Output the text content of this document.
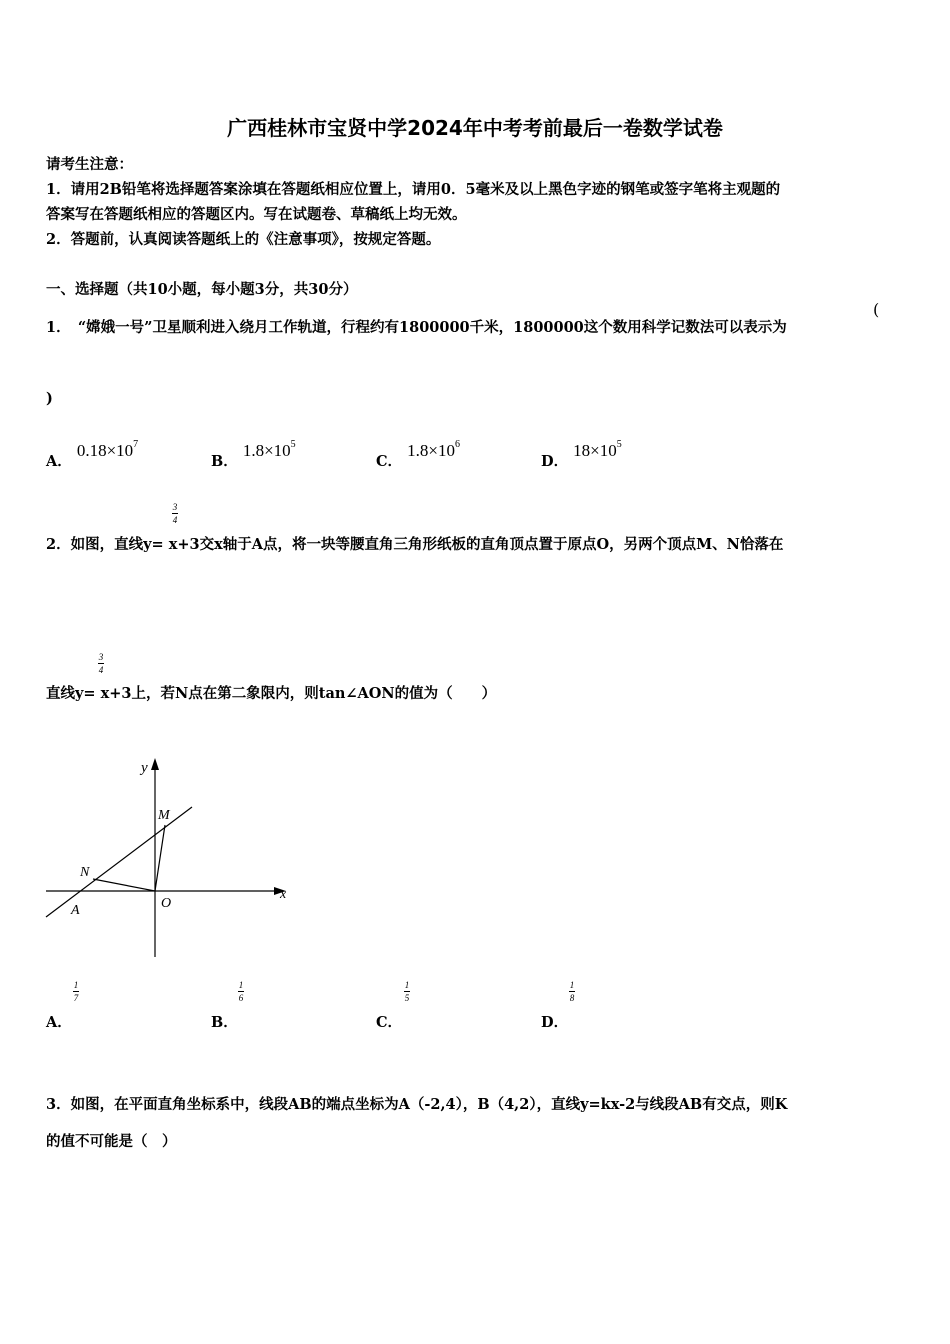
广西桂林市宝贤中学2024年中考考前最后一卷数学试卷
请考生注意：
1．请用2B铅笔将选择题答案涂填在答题纸相应位置上，请用0．5毫米及以上黑色字迹的钢笔或签字笔将主观题的
答案写在答题纸相应的答题区内。写在试题卷、草稿纸上均无效。
2．答题前，认真阅读答题纸上的《注意事项》，按规定答题。
一、选择题（共10小题，每小题3分，共30分）
1．　“嫦娥一号”卫星顺利进入绕月工作轨道，行程约有1800000千米，1800000这个数用科学记数法可以表示为
(
)
A． $0.18\times 10^7$
B． $1.8\times 10^5$
C． $1.8\times 10^6$
D． $18\times 10^5$
3
4
2．如图，直线y= x+3交x轴于A点，将一块等腰直角三角形纸板的直角顶点置于原点O，另两个顶点M、N恰落在
3
4
直线y= x+3上，若N点在第二象限内，则tan∠AON的值为（　　）
y
x
M
N
A	O
1
7
A．
1
6
B．
1
5
C．
1
8
D．
3．如图，在平面直角坐标系中，线段AB的端点坐标为A（-2,4），B（4,2），直线y=kx-2与线段AB有交点，则K
的值不可能是（　）
